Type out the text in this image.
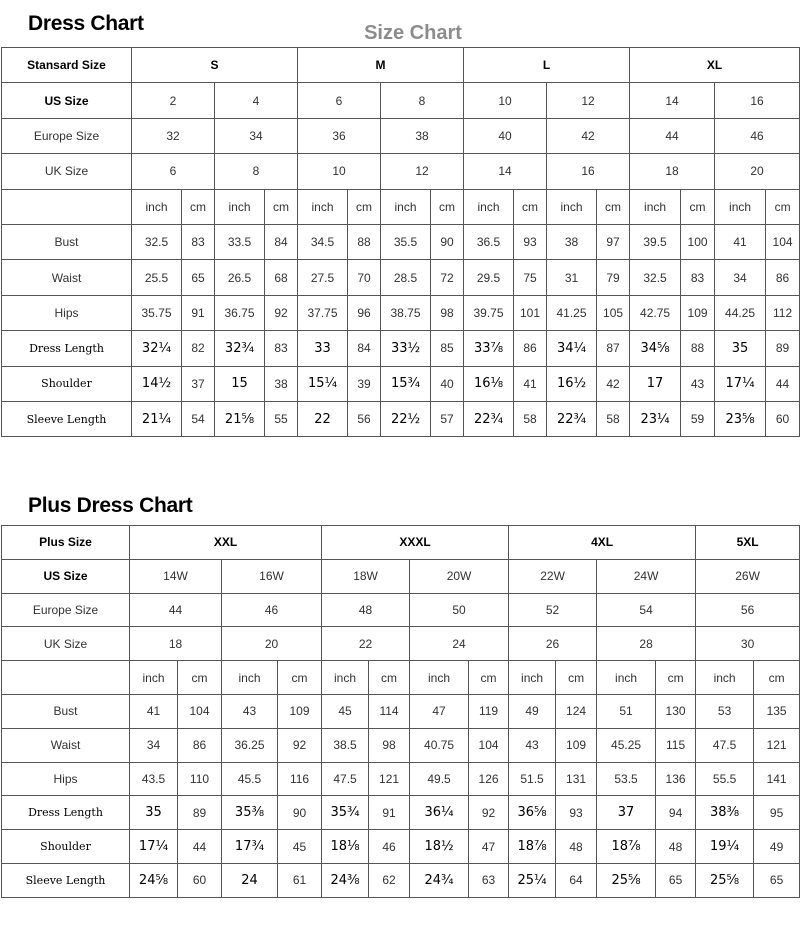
Dress Chart	Size Chart
Stansard Size	S				M				L				XL			
US Size	2		4		6		8		10		12		14		16	
Europe Size	32		34		36		38		40		42		44		46	
UK Size	6		8		10		12		14		16		18		20	
	inch	cm	inch	cm	inch	cm	inch	cm	inch	cm	inch	cm	inch	cm	inch	cm
Bust	32.5	83	33.5	84	34.5	88	35.5	90	36.5	93	38	97	39.5	100	41	104
Waist	25.5	65	26.5	68	27.5	70	28.5	72	29.5	75	31	79	32.5	83	34	86
Hips	35.75	91	36.75	92	37.75	96	38.75	98	39.75	101	41.25	105	42.75	109	44.25	112
Dress Length	32¼	82	32¾	83	33	84	33½	85	33⅞	86	34¼	87	34⅝	88	35	89
Shoulder	14½	37	15	38	15¼	39	15¾	40	16⅛	41	16½	42	17	43	17¼	44
Sleeve Length	21¼	54	21⅝	55	22	56	22½	57	22¾	58	22¾	58	23¼	59	23⅝	60
Plus Dress Chart
Plus Size	XXL				XXXL				4XL				5XL	
US Size	14W		16W		18W		20W		22W		24W		26W	
Europe Size	44		46		48		50		52		54		56	
UK Size	18		20		22		24		26		28		30	
	inch	cm	inch	cm	inch	cm	inch	cm	inch	cm	inch	cm	inch	cm
Bust	41	104	43	109	45	114	47	119	49	124	51	130	53	135
Waist	34	86	36.25	92	38.5	98	40.75	104	43	109	45.25	115	47.5	121
Hips	43.5	110	45.5	116	47.5	121	49.5	126	51.5	131	53.5	136	55.5	141
Dress Length	35	89	35⅜	90	35¾	91	36¼	92	36⅝	93	37	94	38⅜	95
Shoulder	17¼	44	17¾	45	18⅛	46	18½	47	18⅞	48	18⅞	48	19¼	49
Sleeve Length	24⅝	60	24	61	24⅜	62	24¾	63	25¼	64	25⅝	65	25⅝	65
